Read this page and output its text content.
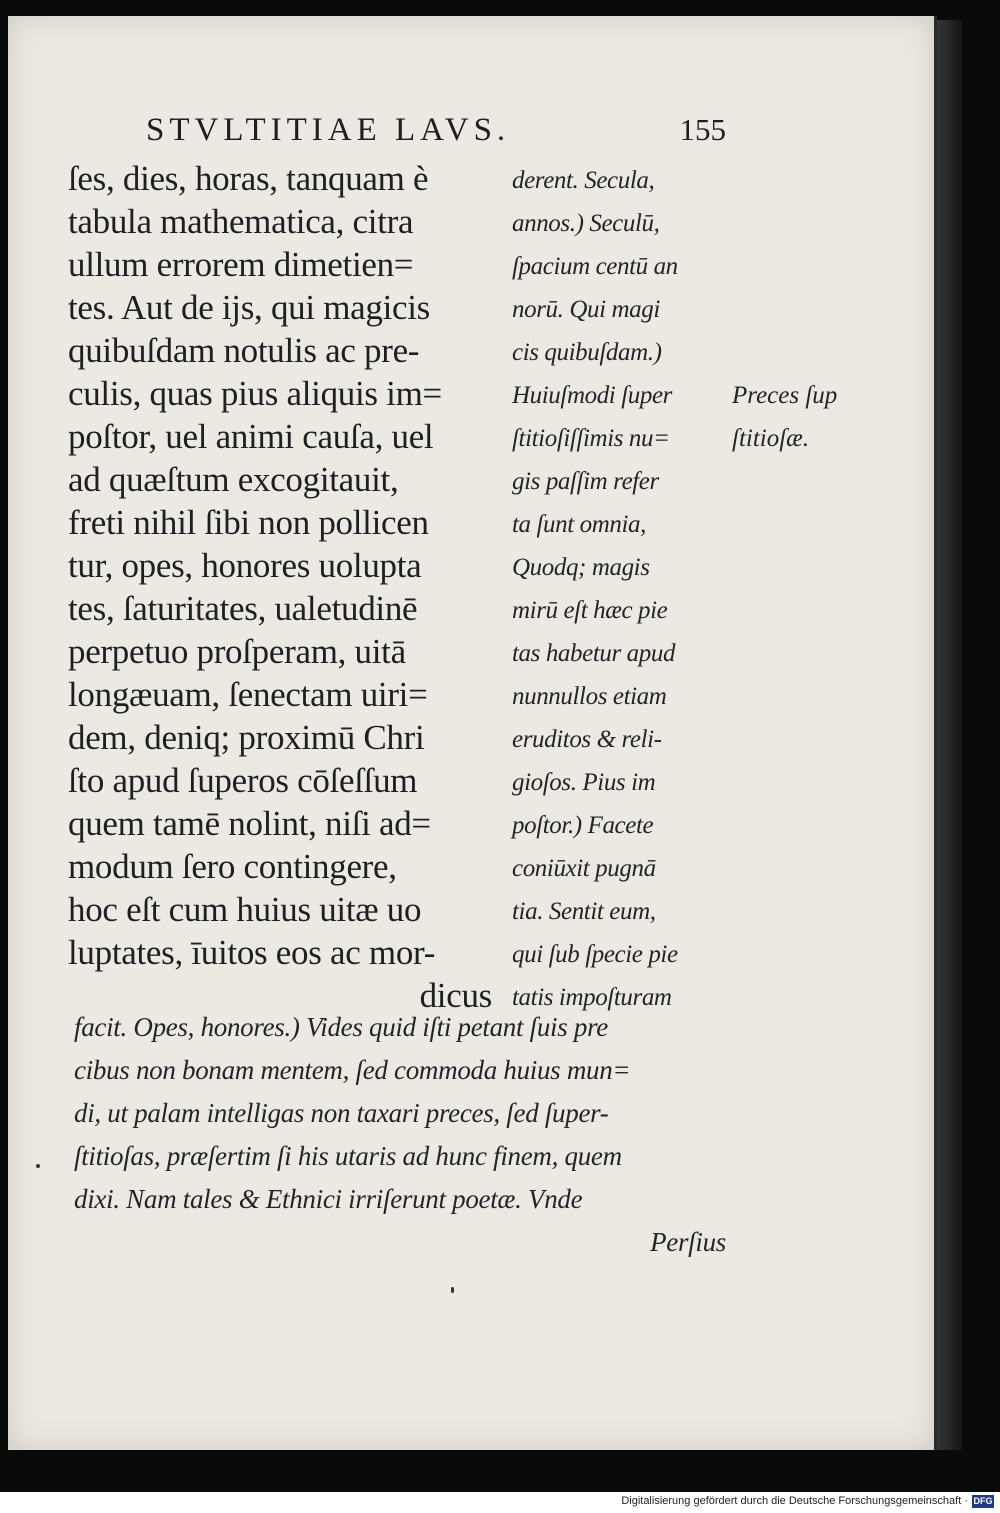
STVLTITIAE LAVS.	155
ſes, dies, horas, tanquam è
tabula mathematica, citra
ullum errorem dimetien=
tes. Aut de ijs, qui magicis
quibuſdam notulis ac pre-
culis, quas pius aliquis im=
poſtor, uel animi cauſa, uel
ad quæſtum excogitauit,
freti nihil ſibi non pollicen
tur, opes, honores uolupta
tes, ſaturitates, ualetudinē
perpetuo proſperam, uitā
longæuam, ſenectam uiri=
dem, deniq; proximū Chri
ſto apud ſuperos cōſeſſum
quem tamē nolint, niſi ad=
modum ſero contingere,
hoc eſt cum huius uitæ uo
luptates, īuitos eos ac mor-
dicus
derent. Secula,
annos.) Seculū,
ſpacium centū an
norū. Qui magi
cis quibuſdam.)
Huiuſmodi ſuper
ſtitioſiſſimis nu=
gis paſſim refer
ta ſunt omnia,
Quodq; magis
mirū eſt hæc pie
tas habetur apud
nunnullos etiam
eruditos & reli-
gioſos. Pius im
poſtor.) Facete
coniūxit pugnā
tia. Sentit eum,
qui ſub ſpecie pie
tatis impoſturam
Preces ſup
ſtitioſæ.
facit. Opes, honores.) Vides quid iſti petant ſuis pre
cibus non bonam mentem, ſed commoda huius mun=
di, ut palam intelligas non taxari preces, ſed ſuper-
ſtitioſas, præſertim ſi his utaris ad hunc finem, quem
dixi. Nam tales & Ethnici irriſerunt poetæ. Vnde
Perſius
Digitalisierung gefördert durch die Deutsche Forschungsgemeinschaft · DFG
